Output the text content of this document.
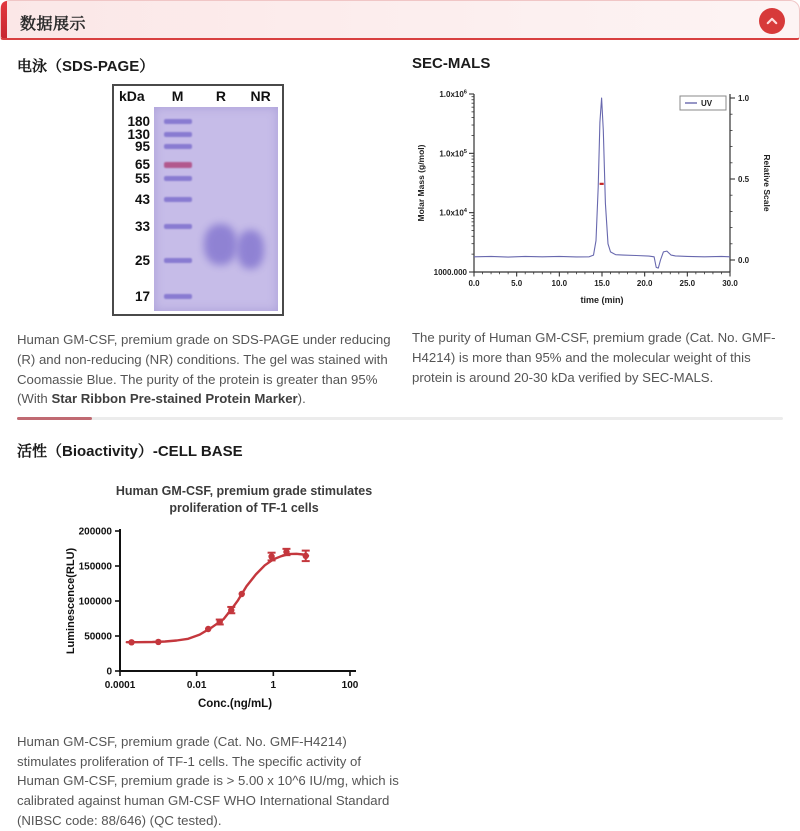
数据展示
电泳（SDS-PAGE）
kDa M R NR
180
130
95
65
55
43
33
25
17

Human GM-CSF, premium grade on SDS-PAGE under reducing (R) and non-reducing (NR) conditions. The gel was stained with Coomassie Blue. The purity of the protein is greater than 95% (With Star Ribbon Pre-stained Protein Marker).

SEC-MALS
$1.0x10^6$
$1.0x10^5$
$1.0x10^4$
1000.000
0.0	5.0	10.0	15.0	20.0	25.0	30.0
1.0
0.5
0.0
Molar Mass (g/mol)	Relative Scale
time (min)
UV

The purity of Human GM-CSF, premium grade (Cat. No. GMF-H4214) is more than 95% and the molecular weight of this protein is around 20-30 kDa verified by SEC-MALS.

活性（Bioactivity）-CELL BASE
Human GM-CSF, premium grade stimulates
proliferation of TF-1 cells
0
50000
100000
150000
200000
0.0001	0.01	1	100
Luminescence(RLU)
Conc.(ng/mL)

Human GM-CSF, premium grade (Cat. No. GMF-H4214) stimulates proliferation of TF-1 cells. The specific activity of Human GM-CSF, premium grade is > 5.00 x 10^6 IU/mg, which is calibrated against human GM-CSF WHO International Standard (NIBSC code: 88/646) (QC tested).
